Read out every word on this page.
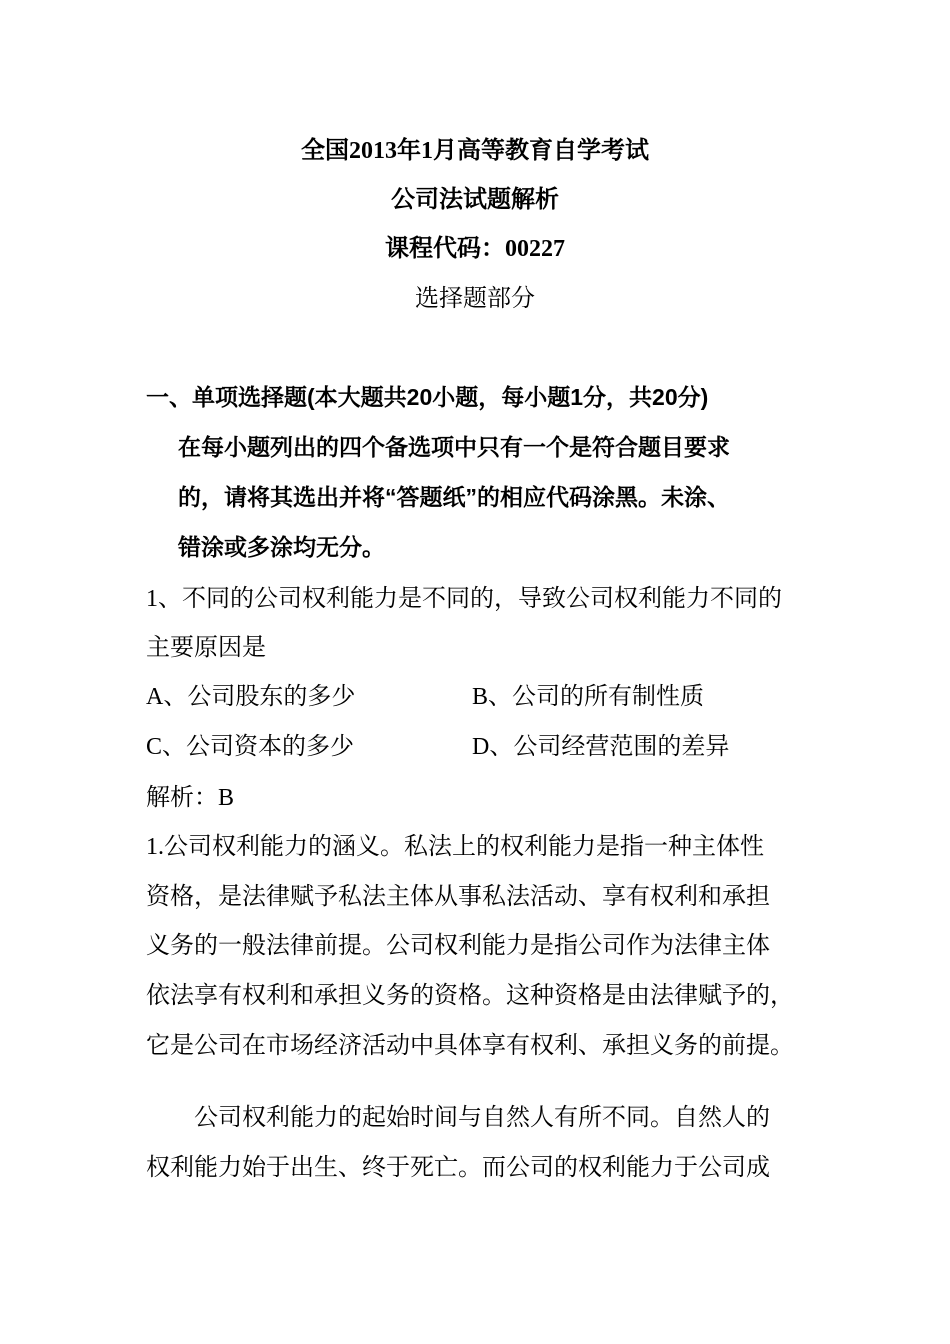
全国2013年1月高等教育自学考试
公司法试题解析
课程代码：00227
选择题部分
一、单项选择题(本大题共20小题，每小题1分，共20分)
在每小题列出的四个备选项中只有一个是符合题目要求
的，请将其选出并将“答题纸”的相应代码涂黑。未涂、
错涂或多涂均无分。
1、不同的公司权利能力是不同的，导致公司权利能力不同的
主要原因是
A、公司股东的多少	B、公司的所有制性质
C、公司资本的多少	D、公司经营范围的差异
解析：B
1.公司权利能力的涵义。私法上的权利能力是指一种主体性
资格，是法律赋予私法主体从事私法活动、享有权利和承担
义务的一般法律前提。公司权利能力是指公司作为法律主体
依法享有权利和承担义务的资格。这种资格是由法律赋予的，
它是公司在市场经济活动中具体享有权利、承担义务的前提。
　　公司权利能力的起始时间与自然人有所不同。自然人的
权利能力始于出生、终于死亡。而公司的权利能力于公司成
